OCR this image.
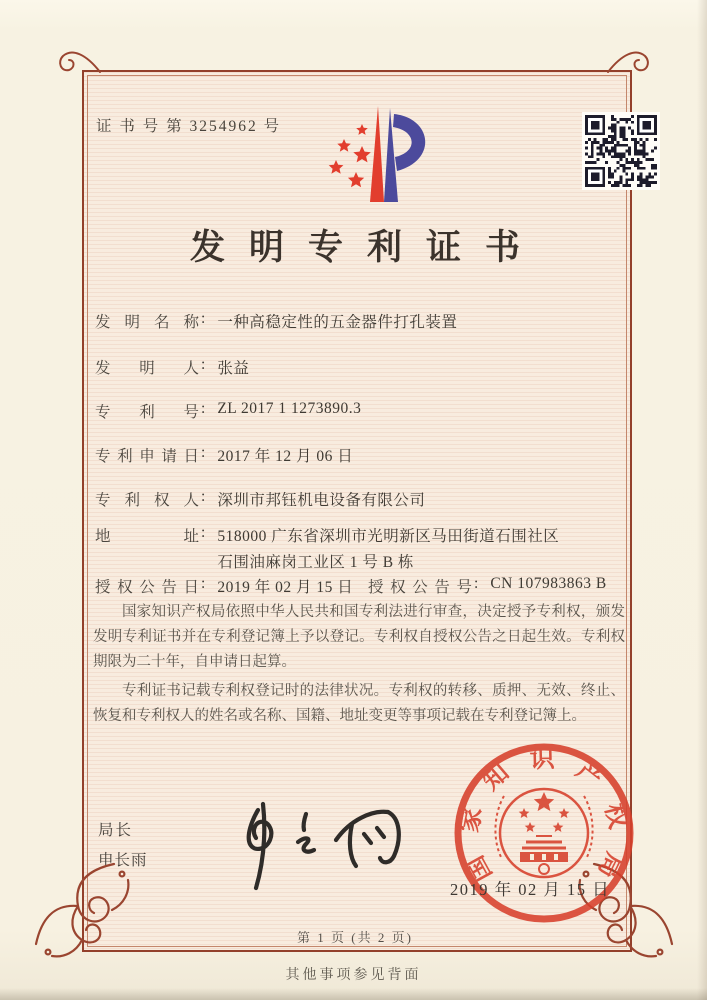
证 书 号 第 3254962 号
发明专利证书
发明名称 : 一种高稳定性的五金器件打孔装置
发明人 : 张益
专利号 : ZL 2017 1 1273890.3
专利申请日 : 2017 年 12 月 06 日
专利权人 : 深圳市邦钰机电设备有限公司
地址 : 518000 广东省深圳市光明新区马田街道石围社区石围油麻岗工业区 1 号 B 栋
授权公告日 : 2019 年 02 月 15 日 授权公告号 : CN 107983863 B

国家知识产权局依照中华人民共和国专利法进行审查，决定授予专利权，颁发发明专利证书并在专利登记簿上予以登记。专利权自授权公告之日起生效。专利权期限为二十年，自申请日起算。

专利证书记载专利权登记时的法律状况。专利权的转移、质押、无效、终止、恢复和专利权人的姓名或名称、国籍、地址变更等事项记载在专利登记簿上。

局长
申长雨	国家知识产权局
2019 年 02 月 15 日
第 1 页 (共 2 页)
其他事项参见背面
